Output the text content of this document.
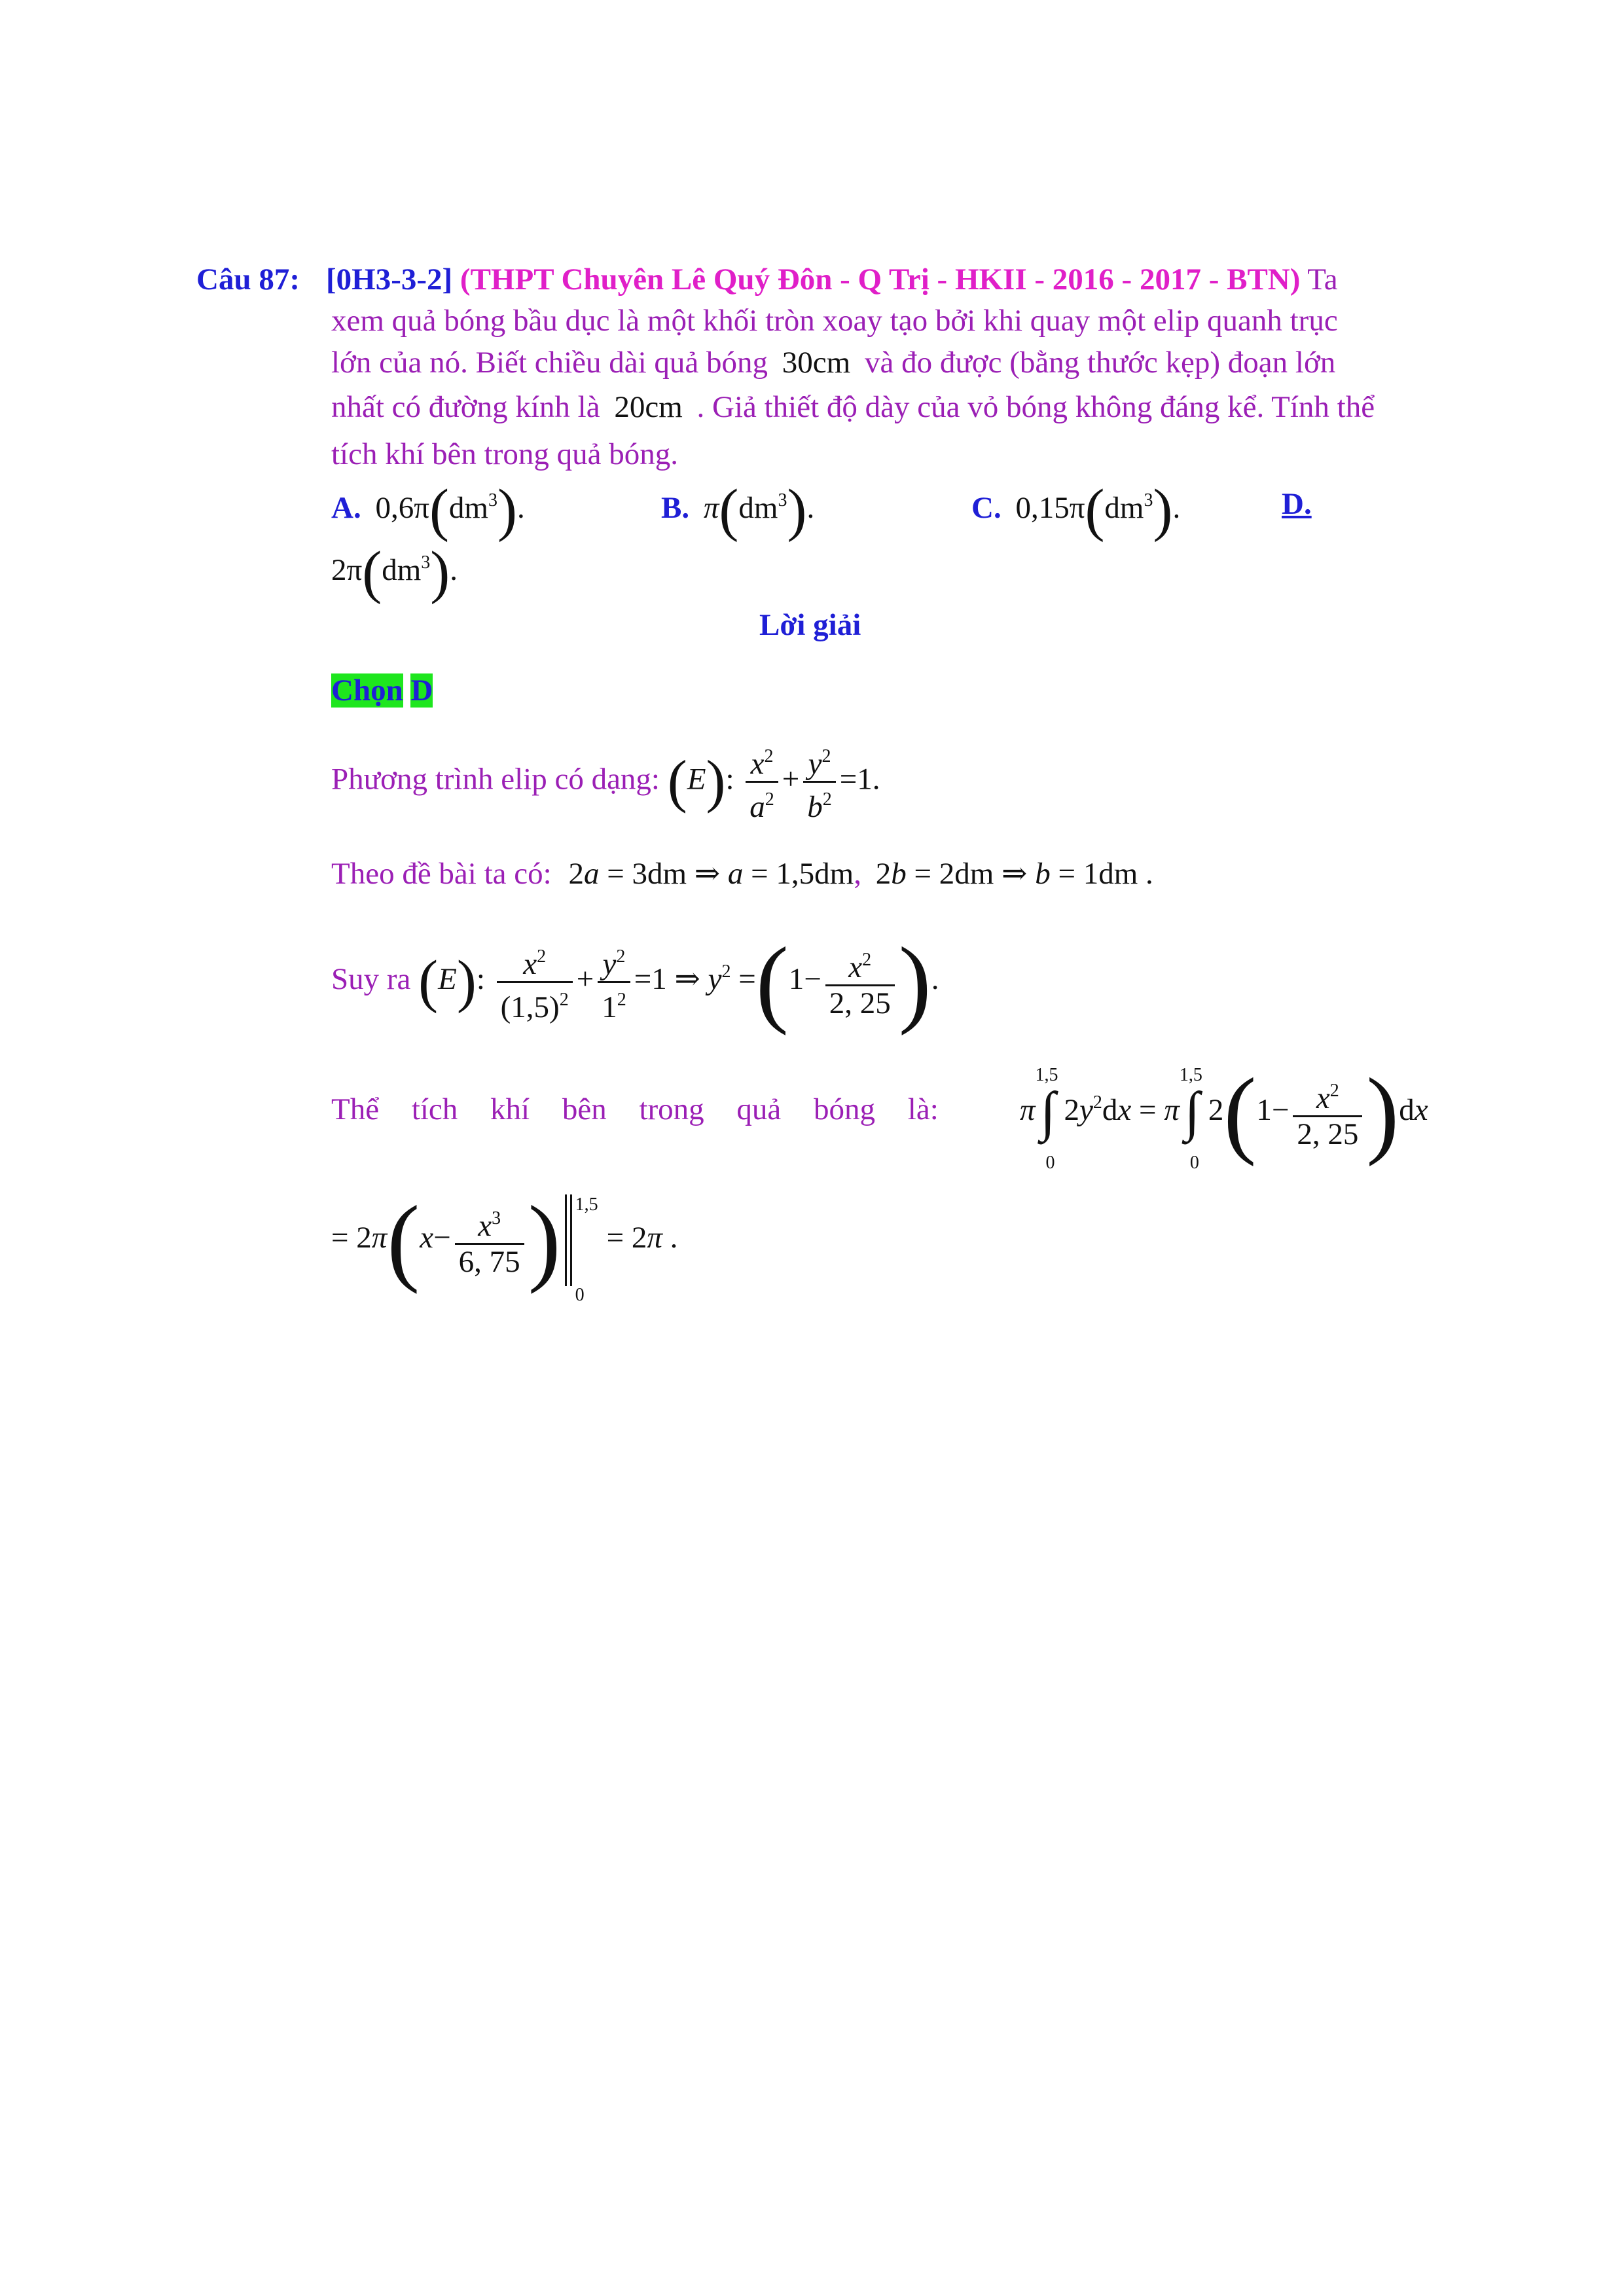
Câu 87: [0H3-3-2] (THPT Chuyên Lê Quý Đôn - Q Trị - HKII - 2016 - 2017 - BTN) Ta
xem quả bóng bầu dục là một khối tròn xoay tạo bởi khi quay một elip quanh trục
lớn của nó. Biết chiều dài quả bóng 30cm và đo được (bằng thước kẹp) đoạn lớn
nhất có đường kính là 20cm . Giả thiết độ dày của vỏ bóng không đáng kể. Tính thể
tích khí bên trong quả bóng.
A. $0,6\pi(dm^3)$.	B. $\pi(dm^3)$.	C. $0,15\pi(dm^3)$.	D.
$2\pi(dm^3)$.
Lời giải
Chọn D
Phương trình elip có dạng: (E): $\frac{x^2}{a^2} + \frac{y^2}{b^2} =1$.
Theo đề bài ta có: 2a = 3dm ⇒ a = 1,5dm, 2b = 2dm ⇒ b = 1dm .
Suy ra (E): $\frac{x^2}{(1,5)^2} + \frac{y^2}{1^2} =1$ ⇒ $y^2 =(1- \frac{x^2}{2, 25}$ ).
Thể tích khí bên trong quả bóng là:	π
1,5
∫
0
$2y^2dx = \pi$
1,5
∫
0
$2(1- \frac{x^2}{2, 25} )dx$
= $2\pi(x- \frac{x^3}{6, 75}$ ) 1,5
0
= 2π .
